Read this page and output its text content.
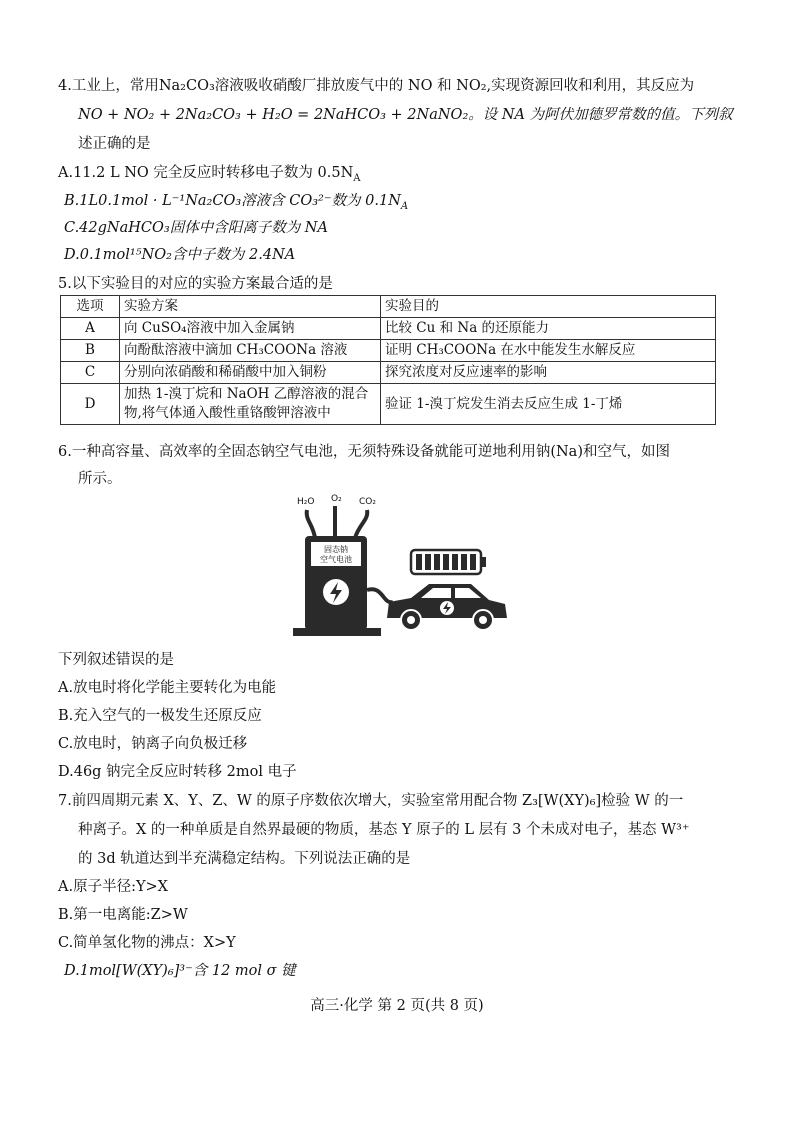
4.工业上，常用Na₂CO₃溶液吸收硝酸厂排放废气中的 NO 和 NO₂,实现资源回收和利用，其反应为
NO + NO₂ + 2Na₂CO₃ + H₂O = 2NaHCO₃ + 2NaNO₂。设 NA 为阿伏加德罗常数的值。下列叙
述正确的是
A.11.2 L NO 完全反应时转移电子数为 $0.5N_A$
B.1L0.1mol · L⁻¹Na₂CO₃溶液含 CO₃²⁻数为 $0.1N_A$
C.42gNaHCO₃固体中含阳离子数为 NA
D.0.1mol¹⁵NO₂含中子数为 2.4NA
5.以下实验目的对应的实验方案最合适的是
选项	实验方案	实验目的
A	向 CuSO₄溶液中加入金属钠	比较 Cu 和 Na 的还原能力
B	向酚酞溶液中滴加 CH₃COONa 溶液	证明 CH₃COONa 在水中能发生水解反应
C	分别向浓硝酸和稀硝酸中加入铜粉	探究浓度对反应速率的影响
D	加热 1-溴丁烷和 NaOH 乙醇溶液的混合物,将气体通入酸性重铬酸钾溶液中	验证 1-溴丁烷发生消去反应生成 1-丁烯
6.一种高容量、高效率的全固态钠空气电池，无须特殊设备就能可逆地利用钠(Na)和空气，如图
所示。
H₂O O₂ CO₂
固态钠
空气电池
下列叙述错误的是
A.放电时将化学能主要转化为电能
B.充入空气的一极发生还原反应
C.放电时，钠离子向负极迁移
D.46g 钠完全反应时转移 2mol 电子
7.前四周期元素 X、Y、Z、W 的原子序数依次增大，实验室常用配合物 Z₃[W(XY)₆]检验 W 的一
种离子。X 的一种单质是自然界最硬的物质，基态 Y 原子的 L 层有 3 个未成对电子，基态 W³⁺
的 3d 轨道达到半充满稳定结构。下列说法正确的是
A.原子半径:Y>X
B.第一电离能:Z>W
C.简单氢化物的沸点：X>Y
D.1mol[W(XY)₆]³⁻含 12 mol σ 键
高三·化学 第 2 页(共 8 页)
